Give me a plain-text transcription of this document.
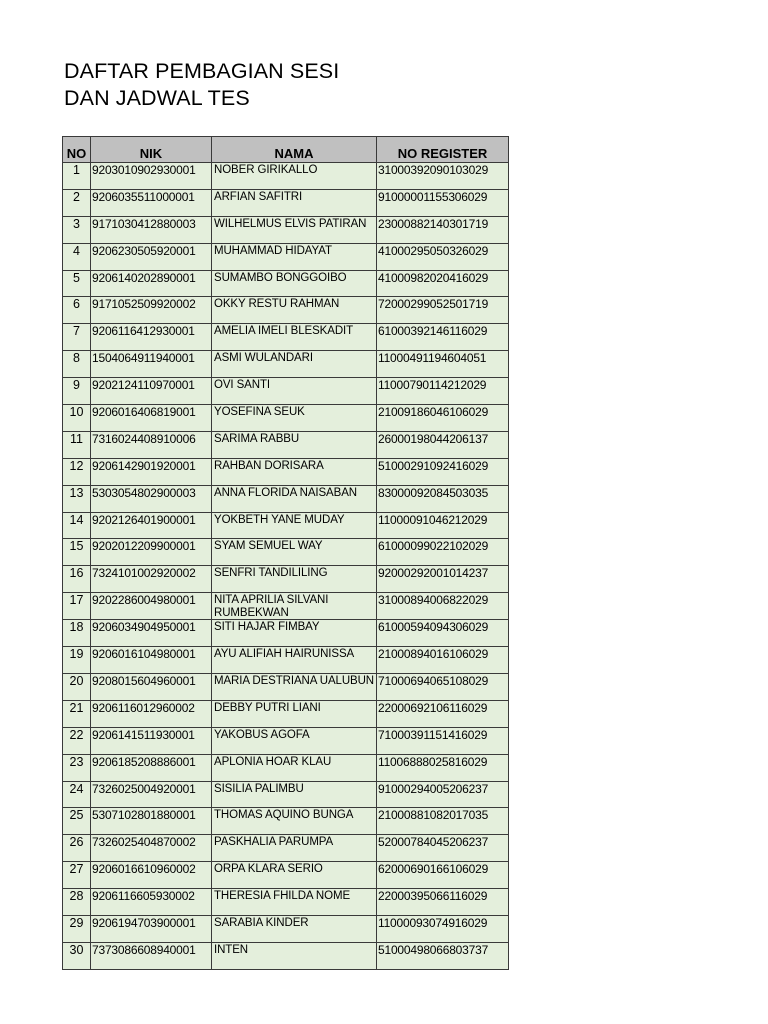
DAFTAR PEMBAGIAN SESI
DAN JADWAL TES
NO	NIK	NAMA	NO REGISTER
1	9203010902930001	NOBER GIRIKALLO	31000392090103029
2	9206035511000001	ARFIAN SAFITRI	91000001155306029
3	9171030412880003	WILHELMUS ELVIS PATIRAN	23000882140301719
4	9206230505920001	MUHAMMAD HIDAYAT	41000295050326029
5	9206140202890001	SUMAMBO BONGGOIBO	41000982020416029
6	9171052509920002	OKKY RESTU RAHMAN	72000299052501719
7	9206116412930001	AMELIA IMELI BLESKADIT	61000392146116029
8	1504064911940001	ASMI WULANDARI	11000491194604051
9	9202124110970001	OVI SANTI	11000790114212029
10	9206016406819001	YOSEFINA SEUK	21009186046106029
11	7316024408910006	SARIMA RABBU	26000198044206137
12	9206142901920001	RAHBAN DORISARA	51000291092416029
13	5303054802900003	ANNA FLORIDA NAISABAN	83000092084503035
14	9202126401900001	YOKBETH YANE MUDAY	11000091046212029
15	9202012209900001	SYAM SEMUEL WAY	61000099022102029
16	7324101002920002	SENFRI TANDILILING	92000292001014237
17	9202286004980001	NITA APRILIA SILVANI RUMBEKWAN	31000894006822029
18	9206034904950001	SITI HAJAR FIMBAY	61000594094306029
19	9206016104980001	AYU ALIFIAH HAIRUNISSA	21000894016106029
20	9208015604960001	MARIA DESTRIANA UALUBUN	71000694065108029
21	9206116012960002	DEBBY PUTRI LIANI	22000692106116029
22	9206141511930001	YAKOBUS AGOFA	71000391151416029
23	9206185208886001	APLONIA HOAR KLAU	11006888025816029
24	7326025004920001	SISILIA PALIMBU	91000294005206237
25	5307102801880001	THOMAS AQUINO BUNGA	21000881082017035
26	7326025404870002	PASKHALIA PARUMPA	52000784045206237
27	9206016610960002	ORPA KLARA SERIO	62000690166106029
28	9206116605930002	THERESIA FHILDA NOME	22000395066116029
29	9206194703900001	SARABIA KINDER	11000093074916029
30	7373086608940001	INTEN	51000498066803737
